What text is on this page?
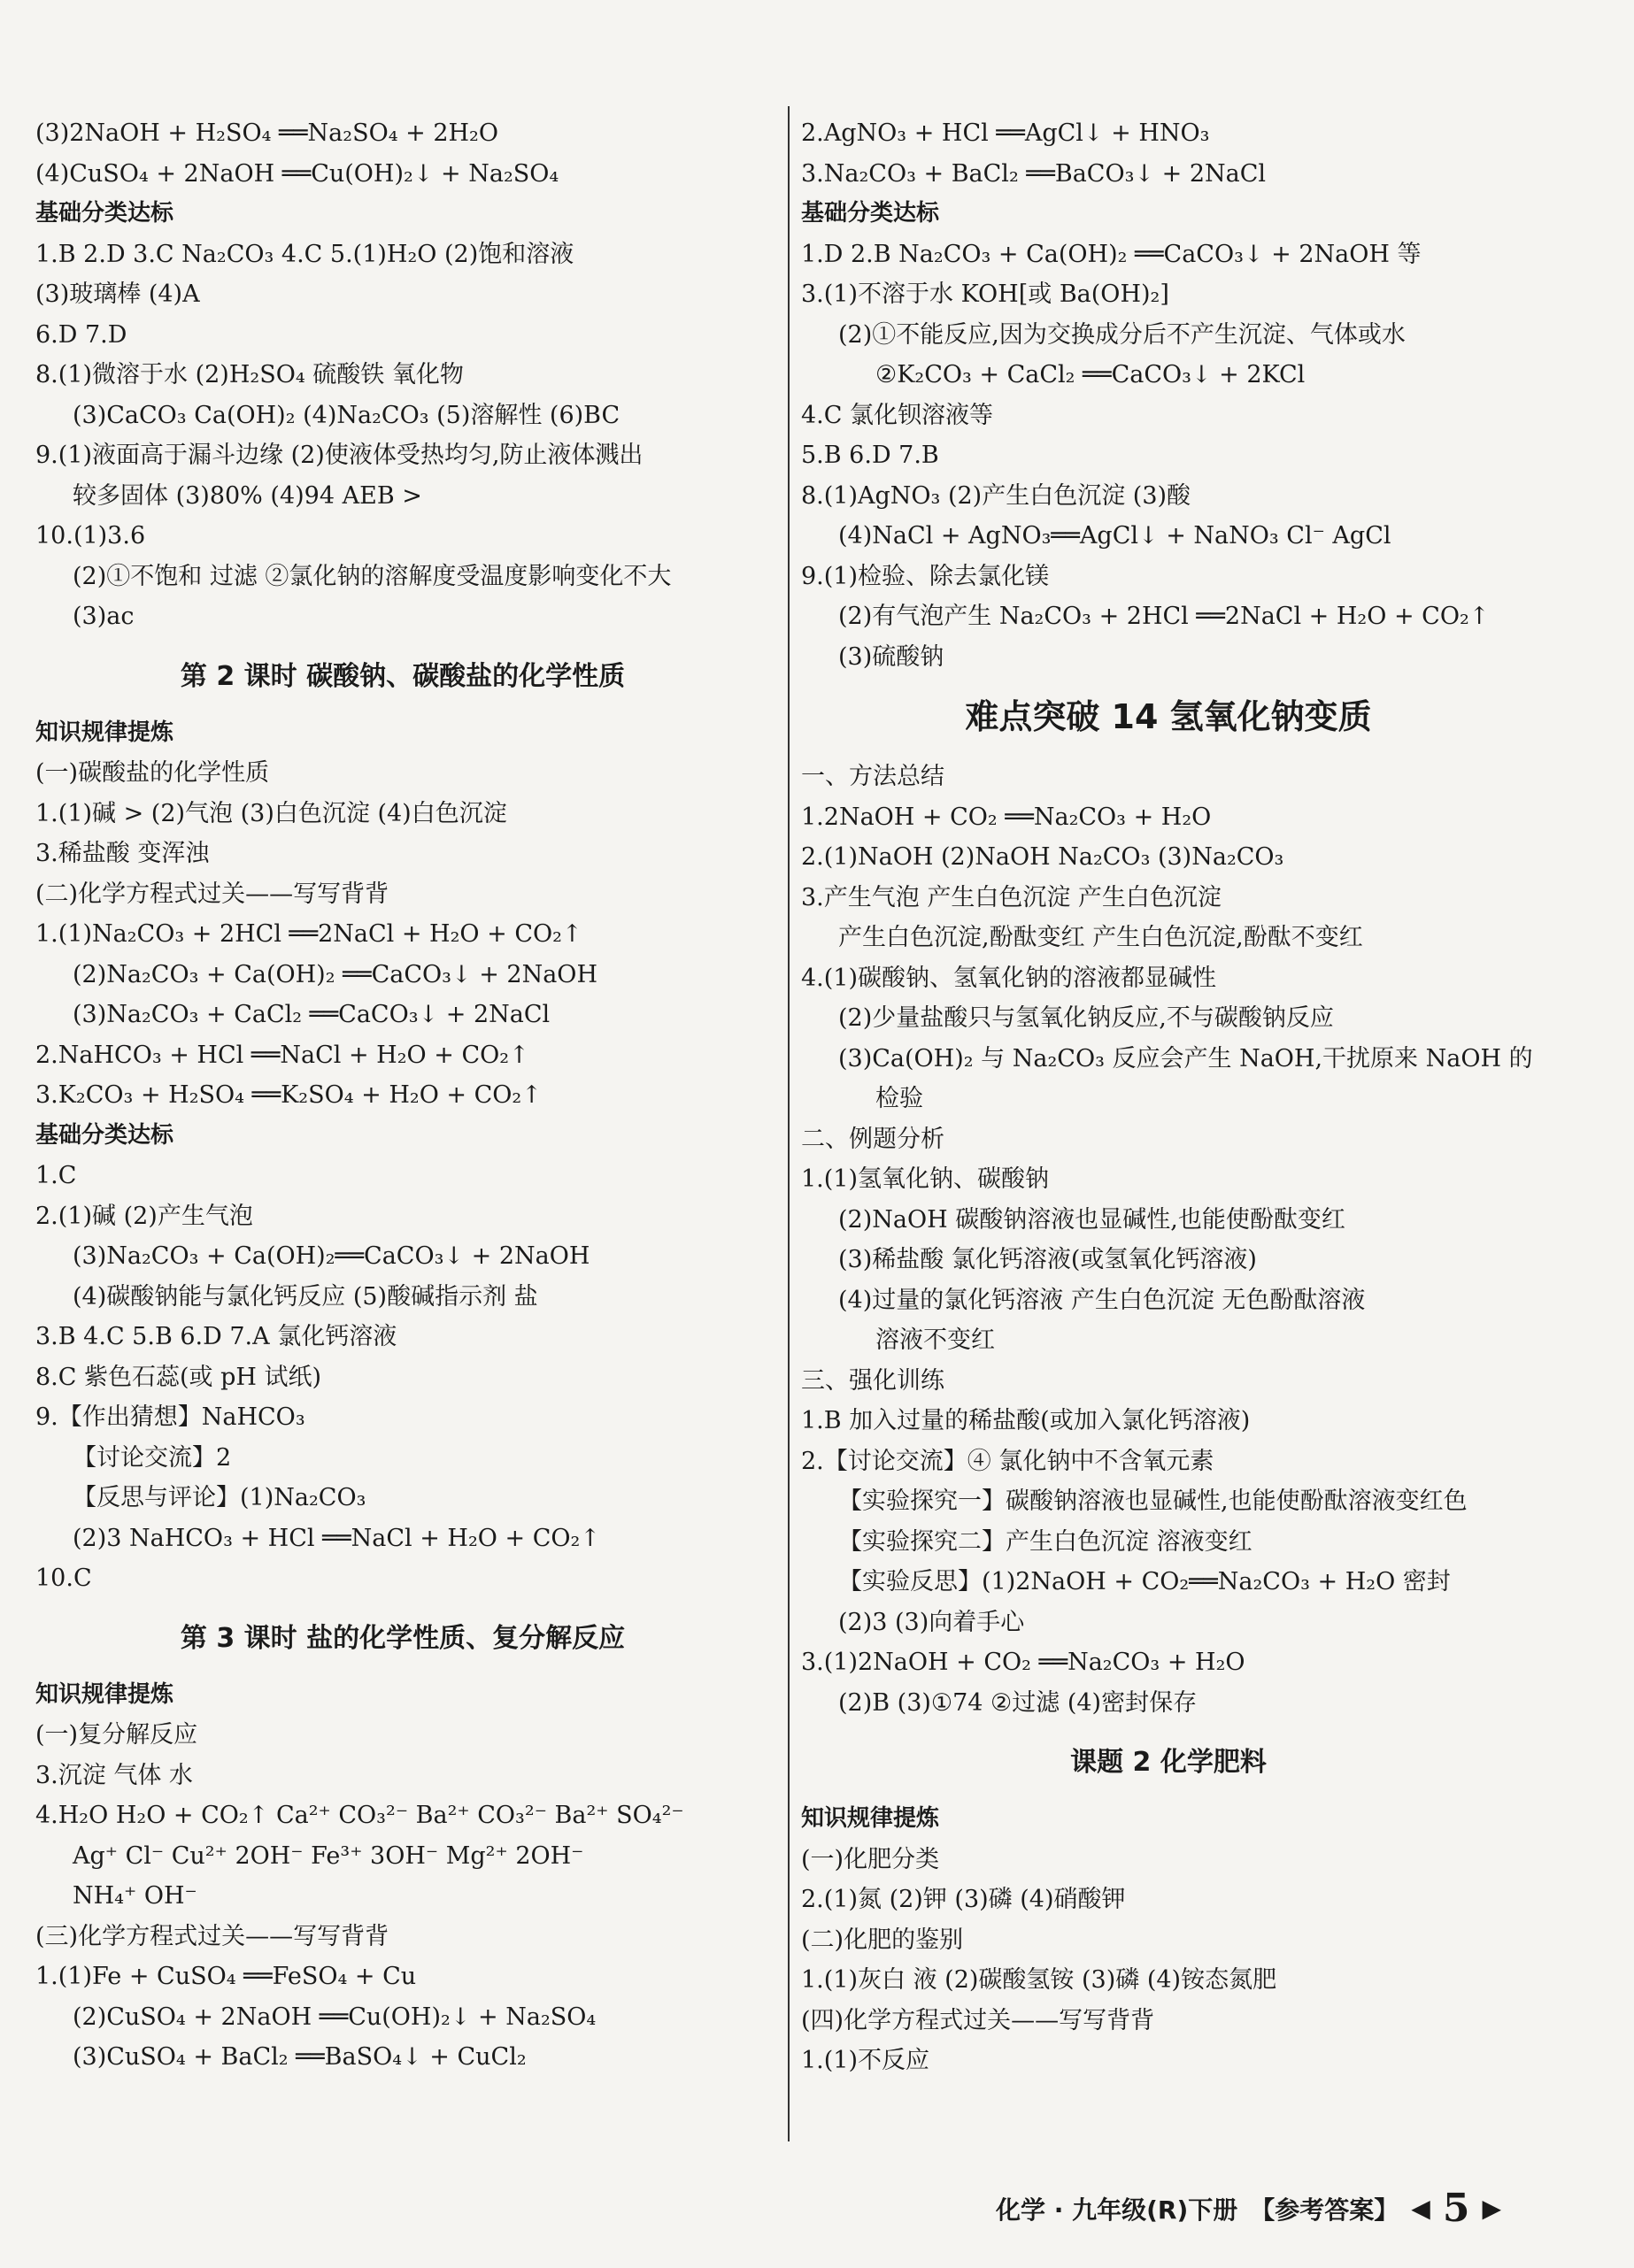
(3)2NaOH + H₂SO₄ ══Na₂SO₄ + 2H₂O
(4)CuSO₄ + 2NaOH ══Cu(OH)₂↓ + Na₂SO₄
基础分类达标
1.B 2.D 3.C Na₂CO₃ 4.C 5.(1)H₂O (2)饱和溶液
(3)玻璃棒 (4)A
6.D 7.D
8.(1)微溶于水 (2)H₂SO₄ 硫酸铁 氧化物
(3)CaCO₃ Ca(OH)₂ (4)Na₂CO₃ (5)溶解性 (6)BC
9.(1)液面高于漏斗边缘 (2)使液体受热均匀,防止液体溅出
较多固体 (3)80% (4)94 AEB >
10.(1)3.6
(2)①不饱和 过滤 ②氯化钠的溶解度受温度影响变化不大
(3)ac
第 2 课时 碳酸钠、碳酸盐的化学性质
知识规律提炼
(一)碳酸盐的化学性质
1.(1)碱 > (2)气泡 (3)白色沉淀 (4)白色沉淀
3.稀盐酸 变浑浊
(二)化学方程式过关——写写背背
1.(1)Na₂CO₃ + 2HCl ══2NaCl + H₂O + CO₂↑
(2)Na₂CO₃ + Ca(OH)₂ ══CaCO₃↓ + 2NaOH
(3)Na₂CO₃ + CaCl₂ ══CaCO₃↓ + 2NaCl
2.NaHCO₃ + HCl ══NaCl + H₂O + CO₂↑
3.K₂CO₃ + H₂SO₄ ══K₂SO₄ + H₂O + CO₂↑
基础分类达标
1.C
2.(1)碱 (2)产生气泡
(3)Na₂CO₃ + Ca(OH)₂══CaCO₃↓ + 2NaOH
(4)碳酸钠能与氯化钙反应 (5)酸碱指示剂 盐
3.B 4.C 5.B 6.D 7.A 氯化钙溶液
8.C 紫色石蕊(或 pH 试纸)
9.【作出猜想】NaHCO₃
【讨论交流】2
【反思与评论】(1)Na₂CO₃
(2)3 NaHCO₃ + HCl ══NaCl + H₂O + CO₂↑
10.C
第 3 课时 盐的化学性质、复分解反应
知识规律提炼
(一)复分解反应
3.沉淀 气体 水
4.H₂O H₂O + CO₂↑ Ca²⁺ CO₃²⁻ Ba²⁺ CO₃²⁻ Ba²⁺ SO₄²⁻
Ag⁺ Cl⁻ Cu²⁺ 2OH⁻ Fe³⁺ 3OH⁻ Mg²⁺ 2OH⁻
NH₄⁺ OH⁻
(三)化学方程式过关——写写背背
1.(1)Fe + CuSO₄ ══FeSO₄ + Cu
(2)CuSO₄ + 2NaOH ══Cu(OH)₂↓ + Na₂SO₄
(3)CuSO₄ + BaCl₂ ══BaSO₄↓ + CuCl₂
2.AgNO₃ + HCl ══AgCl↓ + HNO₃
3.Na₂CO₃ + BaCl₂ ══BaCO₃↓ + 2NaCl
基础分类达标
1.D 2.B Na₂CO₃ + Ca(OH)₂ ══CaCO₃↓ + 2NaOH 等
3.(1)不溶于水 KOH[或 Ba(OH)₂]
(2)①不能反应,因为交换成分后不产生沉淀、气体或水
②K₂CO₃ + CaCl₂ ══CaCO₃↓ + 2KCl
4.C 氯化钡溶液等
5.B 6.D 7.B
8.(1)AgNO₃ (2)产生白色沉淀 (3)酸
(4)NaCl + AgNO₃══AgCl↓ + NaNO₃ Cl⁻ AgCl
9.(1)检验、除去氯化镁
(2)有气泡产生 Na₂CO₃ + 2HCl ══2NaCl + H₂O + CO₂↑
(3)硫酸钠
难点突破 14 氢氧化钠变质
一、方法总结
1.2NaOH + CO₂ ══Na₂CO₃ + H₂O
2.(1)NaOH (2)NaOH Na₂CO₃ (3)Na₂CO₃
3.产生气泡 产生白色沉淀 产生白色沉淀
产生白色沉淀,酚酞变红 产生白色沉淀,酚酞不变红
4.(1)碳酸钠、氢氧化钠的溶液都显碱性
(2)少量盐酸只与氢氧化钠反应,不与碳酸钠反应
(3)Ca(OH)₂ 与 Na₂CO₃ 反应会产生 NaOH,干扰原来 NaOH 的
检验
二、例题分析
1.(1)氢氧化钠、碳酸钠
(2)NaOH 碳酸钠溶液也显碱性,也能使酚酞变红
(3)稀盐酸 氯化钙溶液(或氢氧化钙溶液)
(4)过量的氯化钙溶液 产生白色沉淀 无色酚酞溶液
溶液不变红
三、强化训练
1.B 加入过量的稀盐酸(或加入氯化钙溶液)
2.【讨论交流】④ 氯化钠中不含氧元素
【实验探究一】碳酸钠溶液也显碱性,也能使酚酞溶液变红色
【实验探究二】产生白色沉淀 溶液变红
【实验反思】(1)2NaOH + CO₂══Na₂CO₃ + H₂O 密封
(2)3 (3)向着手心
3.(1)2NaOH + CO₂ ══Na₂CO₃ + H₂O
(2)B (3)①74 ②过滤 (4)密封保存
课题 2 化学肥料
知识规律提炼
(一)化肥分类
2.(1)氮 (2)钾 (3)磷 (4)硝酸钾
(二)化肥的鉴别
1.(1)灰白 液 (2)碳酸氢铵 (3)磷 (4)铵态氮肥
(四)化学方程式过关——写写背背
1.(1)不反应
化学 · 九年级(R)下册 【参考答案】 ◀ 5 ▶
